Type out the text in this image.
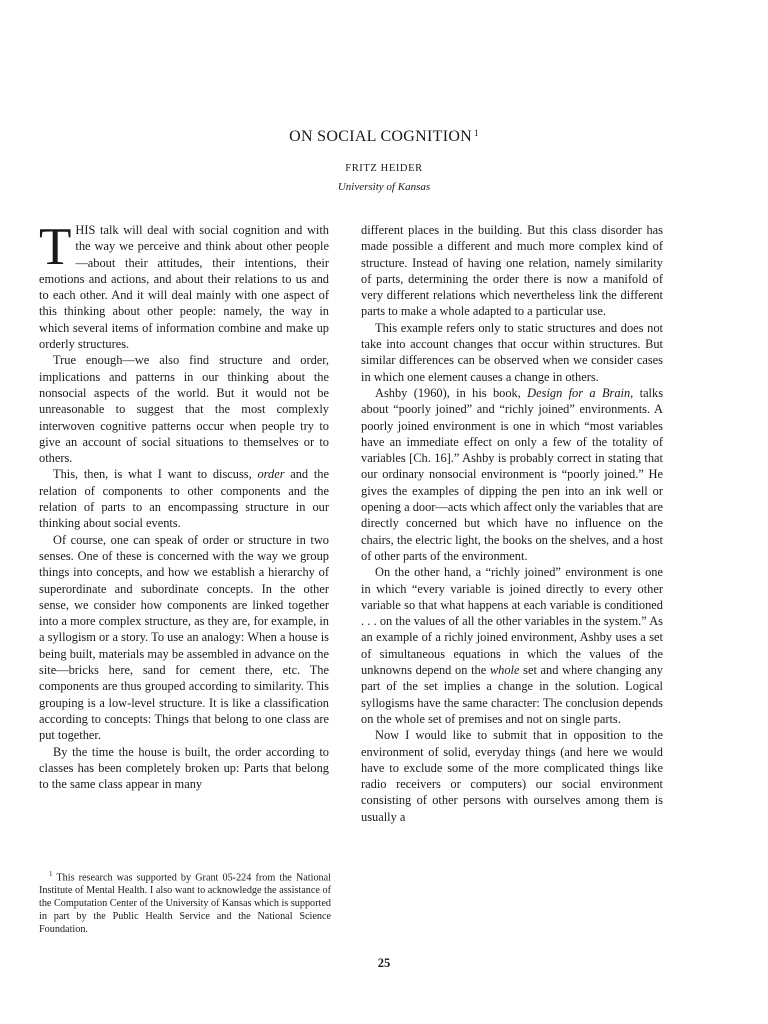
ON SOCIAL COGNITION $^1$
FRITZ HEIDER
University of Kansas

THIS talk will deal with social cognition and with the way we perceive and think about other people—about their attitudes, their intentions, their emotions and actions, and about their relations to us and to each other. And it will deal mainly with one aspect of this thinking about other people: namely, the way in which several items of information combine and make up orderly structures.

True enough—we also find structure and order, implications and patterns in our thinking about the nonsocial aspects of the world. But it would not be unreasonable to suggest that the most complexly interwoven cognitive patterns occur when people try to give an account of social situations to themselves or to others.

This, then, is what I want to discuss, order and the relation of components to other components and the relation of parts to an encompassing structure in our thinking about social events.

Of course, one can speak of order or structure in two senses. One of these is concerned with the way we group things into concepts, and how we establish a hierarchy of superordinate and subordinate concepts. In the other sense, we consider how components are linked together into a more complex structure, as they are, for example, in a syllogism or a story. To use an analogy: When a house is being built, materials may be assembled in advance on the site—bricks here, sand for cement there, etc. The components are thus grouped according to similarity. This grouping is a low-level structure. It is like a classification according to concepts: Things that belong to one class are put together.

By the time the house is built, the order according to classes has been completely broken up: Parts that belong to the same class appear in many

different places in the building. But this class disorder has made possible a different and much more complex kind of structure. Instead of having one relation, namely similarity of parts, determining the order there is now a manifold of very different relations which nevertheless link the different parts to make a whole adapted to a particular use.

This example refers only to static structures and does not take into account changes that occur within structures. But similar differences can be observed when we consider cases in which one element causes a change in others.

Ashby (1960), in his book, Design for a Brain, talks about “poorly joined” and “richly joined” environments. A poorly joined environment is one in which “most variables have an immediate effect on only a few of the totality of variables [Ch. 16].” Ashby is probably correct in stating that our ordinary nonsocial environment is “poorly joined.” He gives the examples of dipping the pen into an ink well or opening a door—acts which affect only the variables that are directly concerned but which have no influence on the chairs, the electric light, the books on the shelves, and a host of other parts of the environment.

On the other hand, a “richly joined” environment is one in which “every variable is joined directly to every other variable so that what happens at each variable is conditioned . . . on the values of all the other variables in the system.” As an example of a richly joined environment, Ashby uses a set of simultaneous equations in which the values of the unknowns depend on the whole set and where changing any part of the set implies a change in the solution. Logical syllogisms have the same character: The conclusion depends on the whole set of premises and not on single parts.

Now I would like to submit that in opposition to the environment of solid, everyday things (and here we would have to exclude some of the more complicated things like radio receivers or computers) our social environment consisting of other persons with ourselves among them is usually a

$^1$ This research was supported by Grant 05-224 from the National Institute of Mental Health. I also want to acknowledge the assistance of the Computation Center of the University of Kansas which is supported in part by the Public Health Service and the National Science Foundation.

25
